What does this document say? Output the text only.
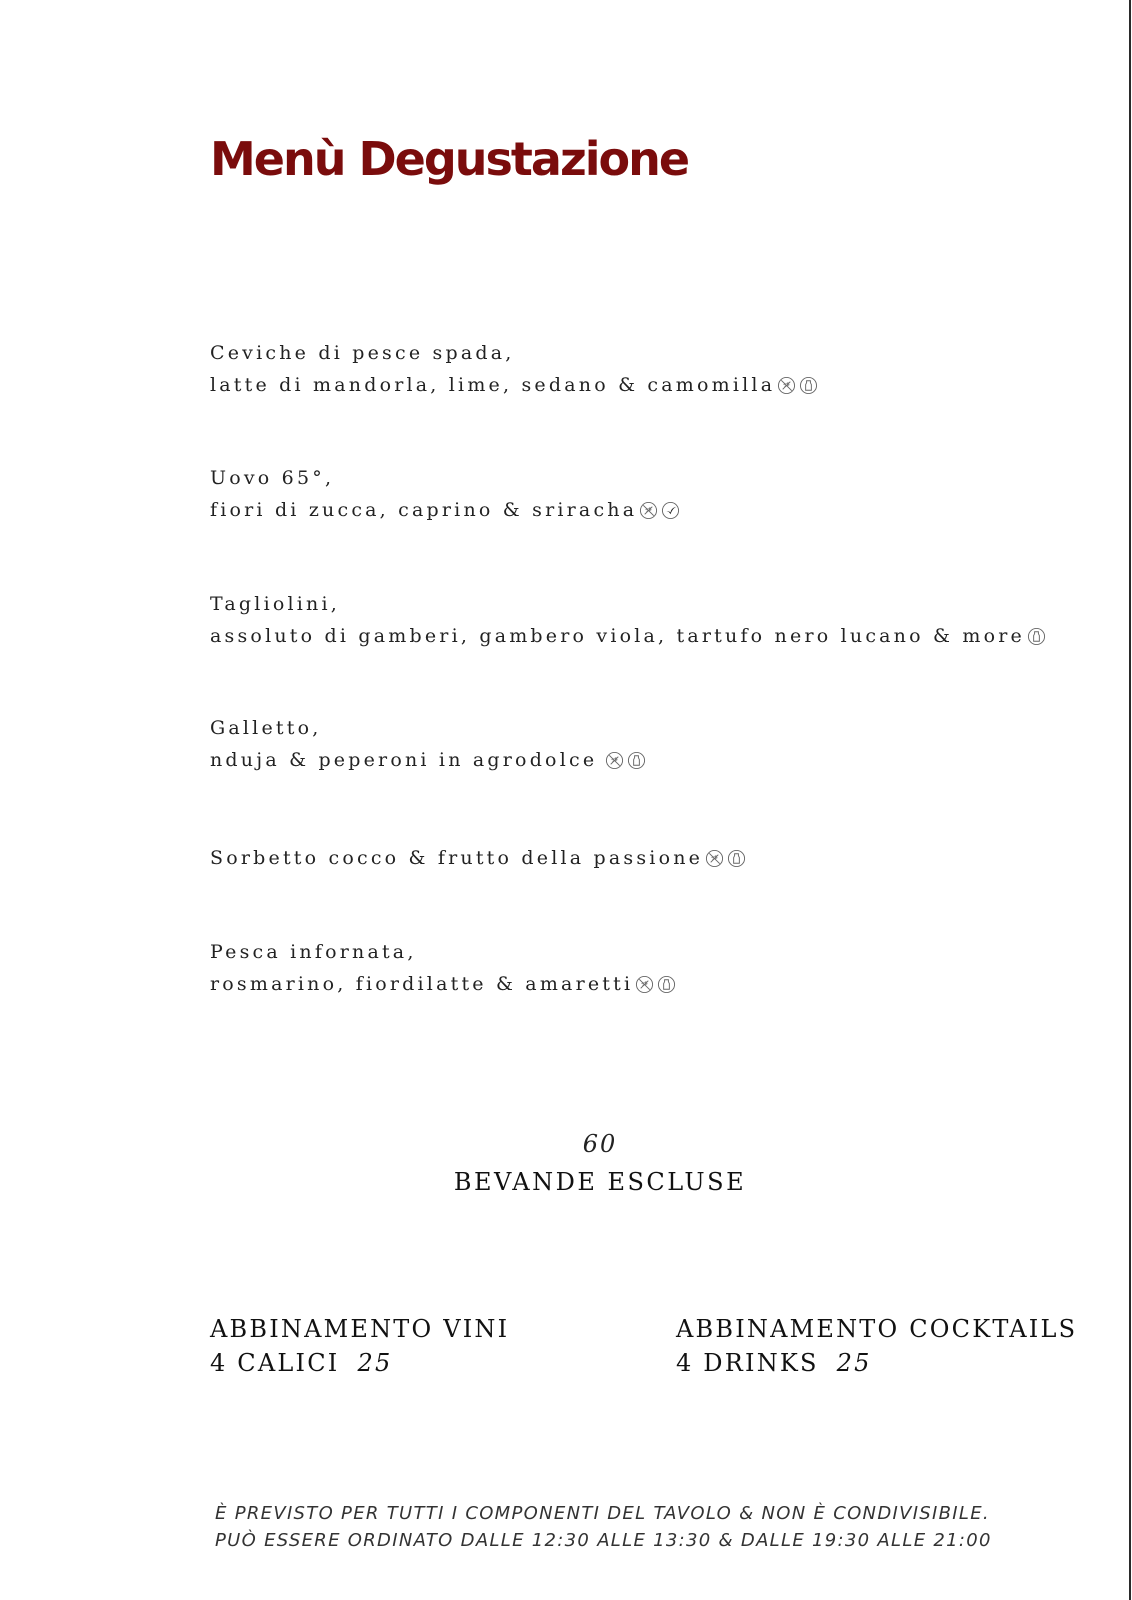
Menù Degustazione
Ceviche di pesce spada,
latte di mandorla, lime, sedano & camomilla
Uovo 65°,
fiori di zucca, caprino & sriracha
Tagliolini,
assoluto di gamberi, gambero viola, tartufo nero lucano & more
Galletto,
nduja & peperoni in agrodolce
Sorbetto cocco & frutto della passione
Pesca infornata,
rosmarino, fiordilatte & amaretti
60
BEVANDE ESCLUSE
ABBINAMENTO VINI
4 CALICI 25
ABBINAMENTO COCKTAILS
4 DRINKS 25
È PREVISTO PER TUTTI I COMPONENTI DEL TAVOLO & NON È CONDIVISIBILE.
PUÒ ESSERE ORDINATO DALLE 12:30 ALLE 13:30 & DALLE 19:30 ALLE 21:00
